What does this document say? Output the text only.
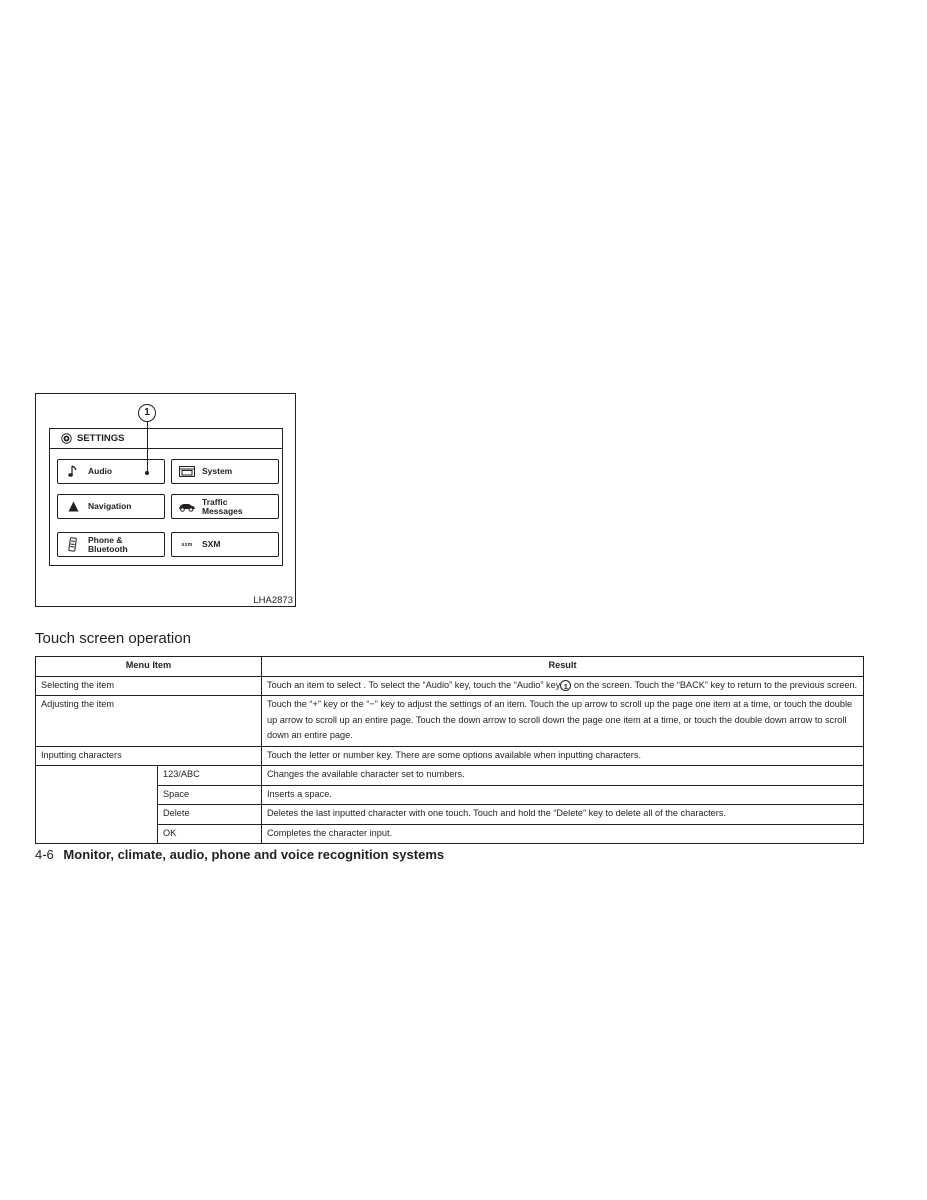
1
SETTINGS
Audio	System
Navigation	Traffic
Messages
Phone &
Bluetooth	sxm SXM
LHA2873
Touch screen operation
Menu Item		Result
Selecting the item		Touch an item to select . To select the “Audio” key, touch the “Audio” key 1 on the screen. Touch the “BACK” key to return to the previous screen.
Adjusting the item		Touch the “+” key or the “−” key to adjust the settings of an item. Touch the up arrow to scroll up the page one item at a time, or touch the double up arrow to scroll up an entire page. Touch the down arrow to scroll down the page one item at a time, or touch the double down arrow to scroll down an entire page.
Inputting characters		Touch the letter or number key. There are some options available when inputting characters.
	123/ABC	Changes the available character set to numbers.
	Space	Inserts a space.
	Delete	Deletes the last inputted character with one touch. Touch and hold the “Delete” key to delete all of the characters.
	OK	Completes the character input.
4-6 Monitor, climate, audio, phone and voice recognition systems
